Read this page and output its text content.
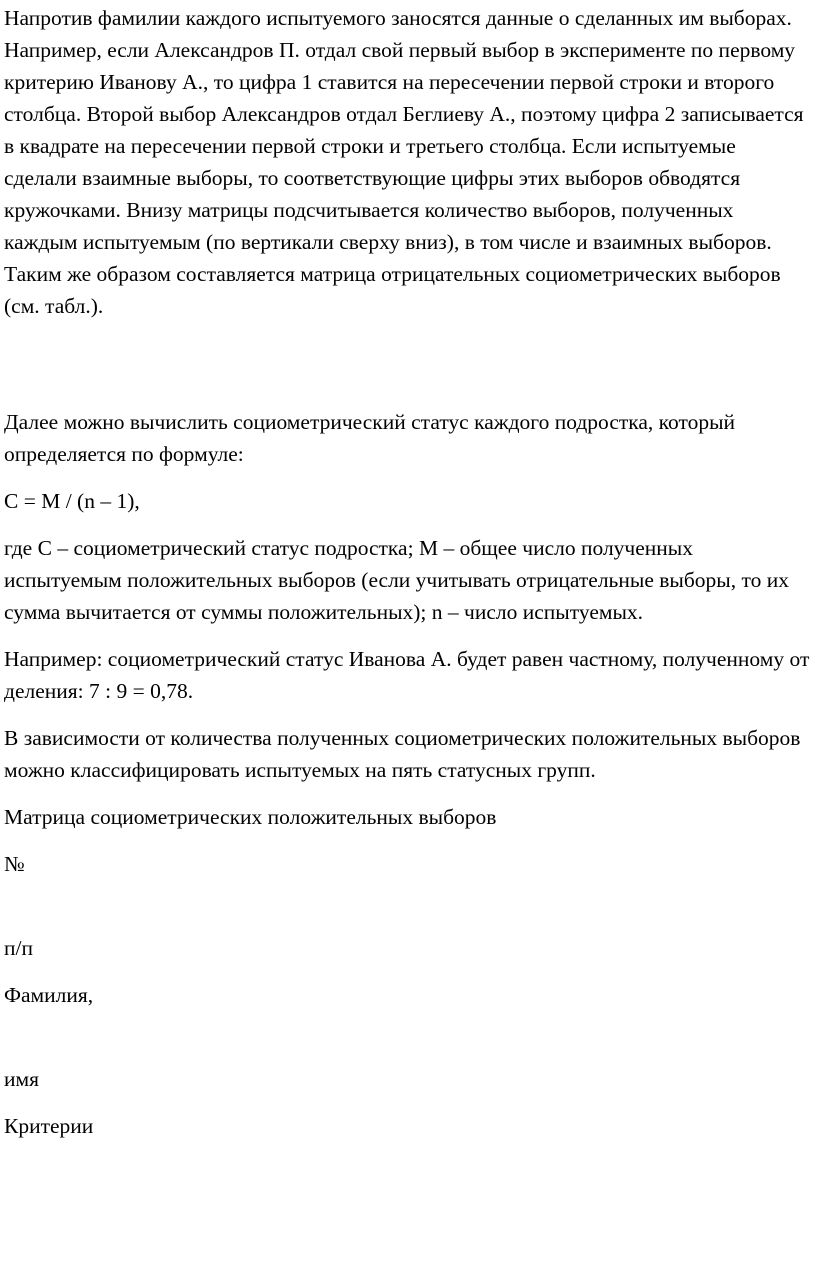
Напротив фамилии каждого испытуемого заносятся данные о сделанных им выборах. Например, если Александров П. отдал свой первый выбор в эксперименте по первому критерию Иванову А., то цифра 1 ставится на пересечении первой строки и второго столбца. Второй выбор Александров отдал Беглиеву А., поэтому цифра 2 записывается в квадрате на пересечении первой строки и третьего столбца. Если испытуемые сделали взаимные выборы, то соответствующие цифры этих выборов обводятся кружочками. Внизу матрицы подсчитывается количество выборов, полученных каждым испытуемым (по вертикали сверху вниз), в том числе и взаимных выборов. Таким же образом составляется матрица отрицательных социометрических выборов (см. табл.).

Далее можно вычислить социометрический статус каждого подростка, который определяется по формуле:

С = М / (n – 1),

где С – социометрический статус подростка; М – общее число полученных испытуемым положительных выборов (если учитывать отрицательные выборы, то их сумма вычитается от суммы положительных); n – число испытуемых.

Например: социометрический статус Иванова А. будет равен частному, полученному от деления: 7 : 9 = 0,78.

В зависимости от количества полученных социометрических положительных выборов можно классифицировать испытуемых на пять статусных групп.

Матрица социометрических положительных выборов

№

п/п

Фамилия,

имя

Критерии
